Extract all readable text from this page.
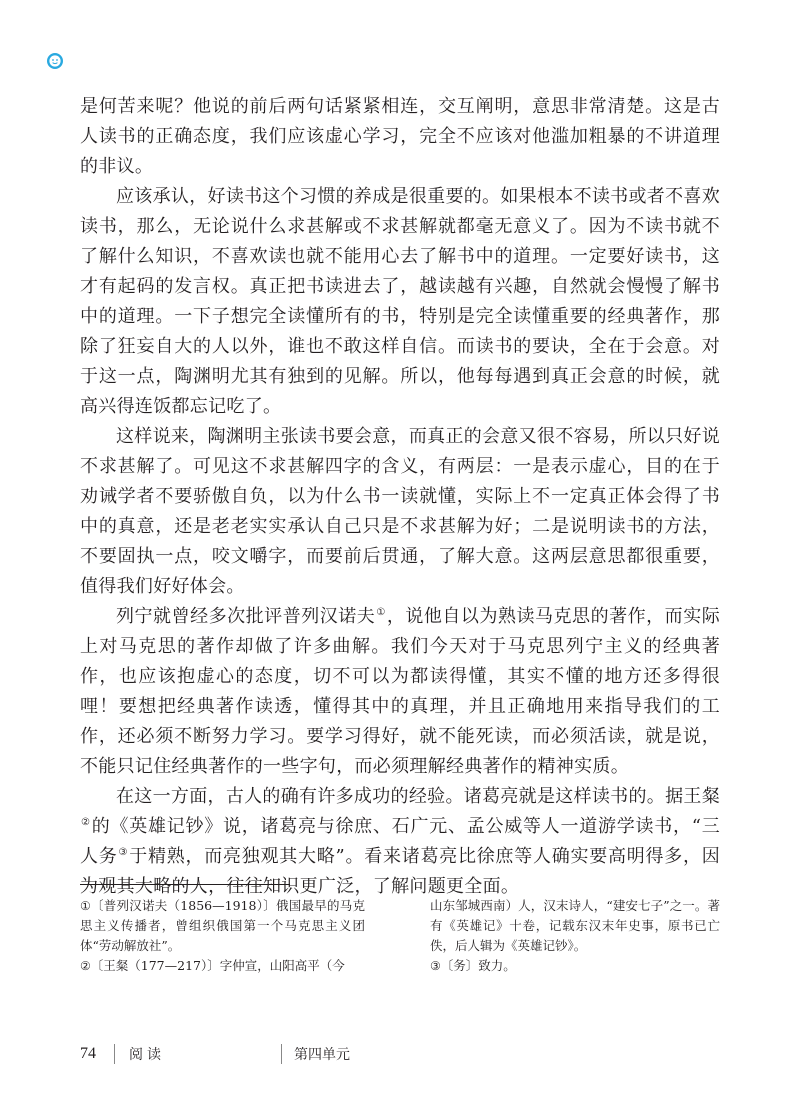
是何苦来呢？他说的前后两句话紧紧相连，交互阐明，意思非常清楚。这是古人读书的正确态度，我们应该虚心学习，完全不应该对他滥加粗暴的不讲道理的非议。

应该承认，好读书这个习惯的养成是很重要的。如果根本不读书或者不喜欢读书，那么，无论说什么求甚解或不求甚解就都毫无意义了。因为不读书就不了解什么知识，不喜欢读也就不能用心去了解书中的道理。一定要好读书，这才有起码的发言权。真正把书读进去了，越读越有兴趣，自然就会慢慢了解书中的道理。一下子想完全读懂所有的书，特别是完全读懂重要的经典著作，那除了狂妄自大的人以外，谁也不敢这样自信。而读书的要诀，全在于会意。对于这一点，陶渊明尤其有独到的见解。所以，他每每遇到真正会意的时候，就高兴得连饭都忘记吃了。

这样说来，陶渊明主张读书要会意，而真正的会意又很不容易，所以只好说不求甚解了。可见这不求甚解四字的含义，有两层：一是表示虚心，目的在于劝诫学者不要骄傲自负，以为什么书一读就懂，实际上不一定真正体会得了书中的真意，还是老老实实承认自己只是不求甚解为好；二是说明读书的方法，不要固执一点，咬文嚼字，而要前后贯通，了解大意。这两层意思都很重要，值得我们好好体会。

列宁就曾经多次批评普列汉诺夫①，说他自以为熟读马克思的著作，而实际上对马克思的著作却做了许多曲解。我们今天对于马克思列宁主义的经典著作，也应该抱虚心的态度，切不可以为都读得懂，其实不懂的地方还多得很哩！要想把经典著作读透，懂得其中的真理，并且正确地用来指导我们的工作，还必须不断努力学习。要学习得好，就不能死读，而必须活读，就是说，不能只记住经典著作的一些字句，而必须理解经典著作的精神实质。

在这一方面，古人的确有许多成功的经验。诸葛亮就是这样读书的。据王粲②的《英雄记钞》说，诸葛亮与徐庶、石广元、孟公威等人一道游学读书，“三人务③于精熟，而亮独观其大略”。看来诸葛亮比徐庶等人确实要高明得多，因为观其大略的人，往往知识更广泛，了解问题更全面。

①〔普列汉诺夫（1856—1918）〕俄国最早的马克思主义传播者，曾组织俄国第一个马克思主义团体“劳动解放社”。

②〔王粲（177—217）〕字仲宣，山阳高平（今

山东邹城西南）人，汉末诗人，“建安七子”之一。著有《英雄记》十卷，记载东汉末年史事，原书已亡佚，后人辑为《英雄记钞》。

③〔务〕致力。

74	阅读	第四单元
